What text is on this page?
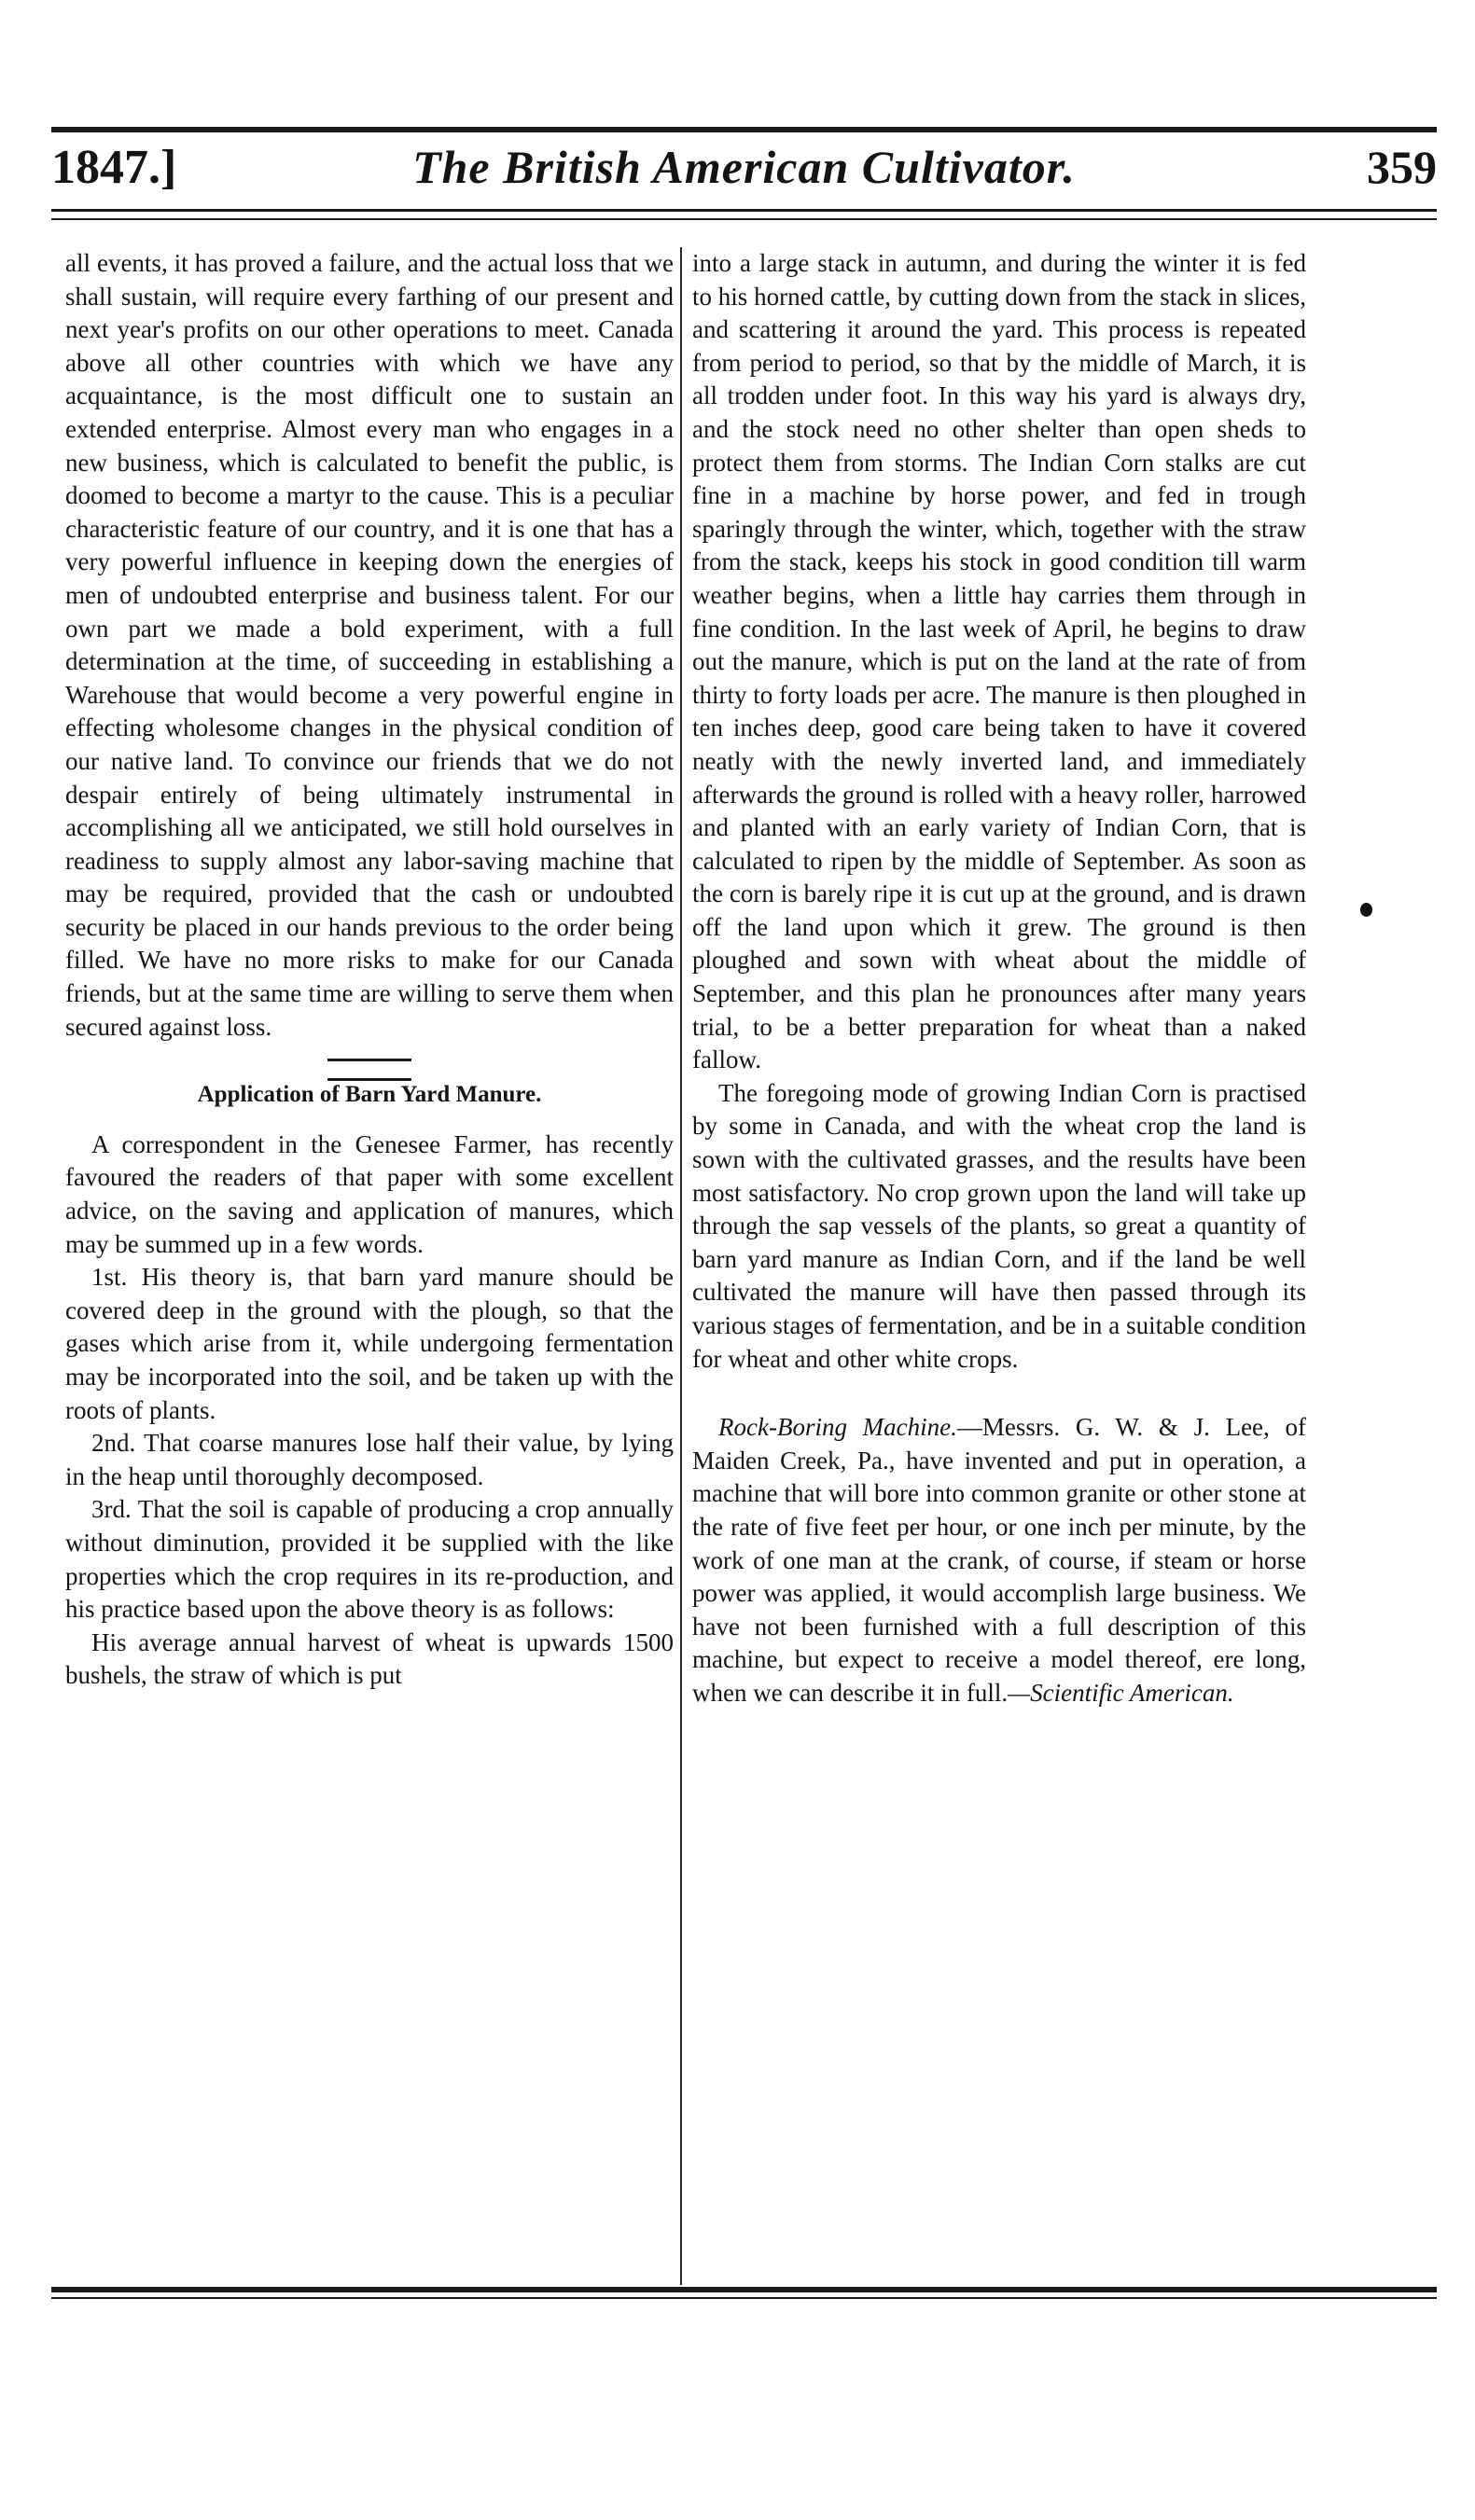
1847.]	The British American Cultivator.	359

all events, it has proved a failure, and the actual loss that we shall sustain, will require every farthing of our present and next year's profits on our other operations to meet. Canada above all other countries with which we have any acquaintance, is the most difficult one to sustain an extended enterprise. Almost every man who engages in a new business, which is calculated to benefit the public, is doomed to become a martyr to the cause. This is a peculiar characteristic feature of our country, and it is one that has a very powerful influence in keeping down the energies of men of undoubted enterprise and business talent. For our own part we made a bold experiment, with a full determination at the time, of succeeding in establishing a Warehouse that would become a very powerful engine in effecting wholesome changes in the physical condition of our native land. To convince our friends that we do not despair entirely of being ultimately instrumental in accomplishing all we anticipated, we still hold ourselves in readiness to supply almost any labor-saving machine that may be required, provided that the cash or undoubted security be placed in our hands previous to the order being filled. We have no more risks to make for our Canada friends, but at the same time are willing to serve them when secured against loss.

Application of Barn Yard Manure.

A correspondent in the Genesee Farmer, has recently favoured the readers of that paper with some excellent advice, on the saving and application of manures, which may be summed up in a few words.

1st. His theory is, that barn yard manure should be covered deep in the ground with the plough, so that the gases which arise from it, while undergoing fermentation may be incorporated into the soil, and be taken up with the roots of plants.

2nd. That coarse manures lose half their value, by lying in the heap until thoroughly decomposed.

3rd. That the soil is capable of producing a crop annually without diminution, provided it be supplied with the like properties which the crop requires in its re-production, and his practice based upon the above theory is as follows:

His average annual harvest of wheat is upwards 1500 bushels, the straw of which is put

into a large stack in autumn, and during the winter it is fed to his horned cattle, by cutting down from the stack in slices, and scattering it around the yard. This process is repeated from period to period, so that by the middle of March, it is all trodden under foot. In this way his yard is always dry, and the stock need no other shelter than open sheds to protect them from storms. The Indian Corn stalks are cut fine in a machine by horse power, and fed in trough sparingly through the winter, which, together with the straw from the stack, keeps his stock in good condition till warm weather begins, when a little hay carries them through in fine condition. In the last week of April, he begins to draw out the manure, which is put on the land at the rate of from thirty to forty loads per acre. The manure is then ploughed in ten inches deep, good care being taken to have it covered neatly with the newly inverted land, and immediately afterwards the ground is rolled with a heavy roller, harrowed and planted with an early variety of Indian Corn, that is calculated to ripen by the middle of September. As soon as the corn is barely ripe it is cut up at the ground, and is drawn off the land upon which it grew. The ground is then ploughed and sown with wheat about the middle of September, and this plan he pronounces after many years trial, to be a better preparation for wheat than a naked fallow.

The foregoing mode of growing Indian Corn is practised by some in Canada, and with the wheat crop the land is sown with the cultivated grasses, and the results have been most satisfactory. No crop grown upon the land will take up through the sap vessels of the plants, so great a quantity of barn yard manure as Indian Corn, and if the land be well cultivated the manure will have then passed through its various stages of fermentation, and be in a suitable condition for wheat and other white crops.

Rock-Boring Machine.—Messrs. G. W. & J. Lee, of Maiden Creek, Pa., have invented and put in operation, a machine that will bore into common granite or other stone at the rate of five feet per hour, or one inch per minute, by the work of one man at the crank, of course, if steam or horse power was applied, it would accomplish large business. We have not been furnished with a full description of this machine, but expect to receive a model thereof, ere long, when we can describe it in full.—Scientific American.
